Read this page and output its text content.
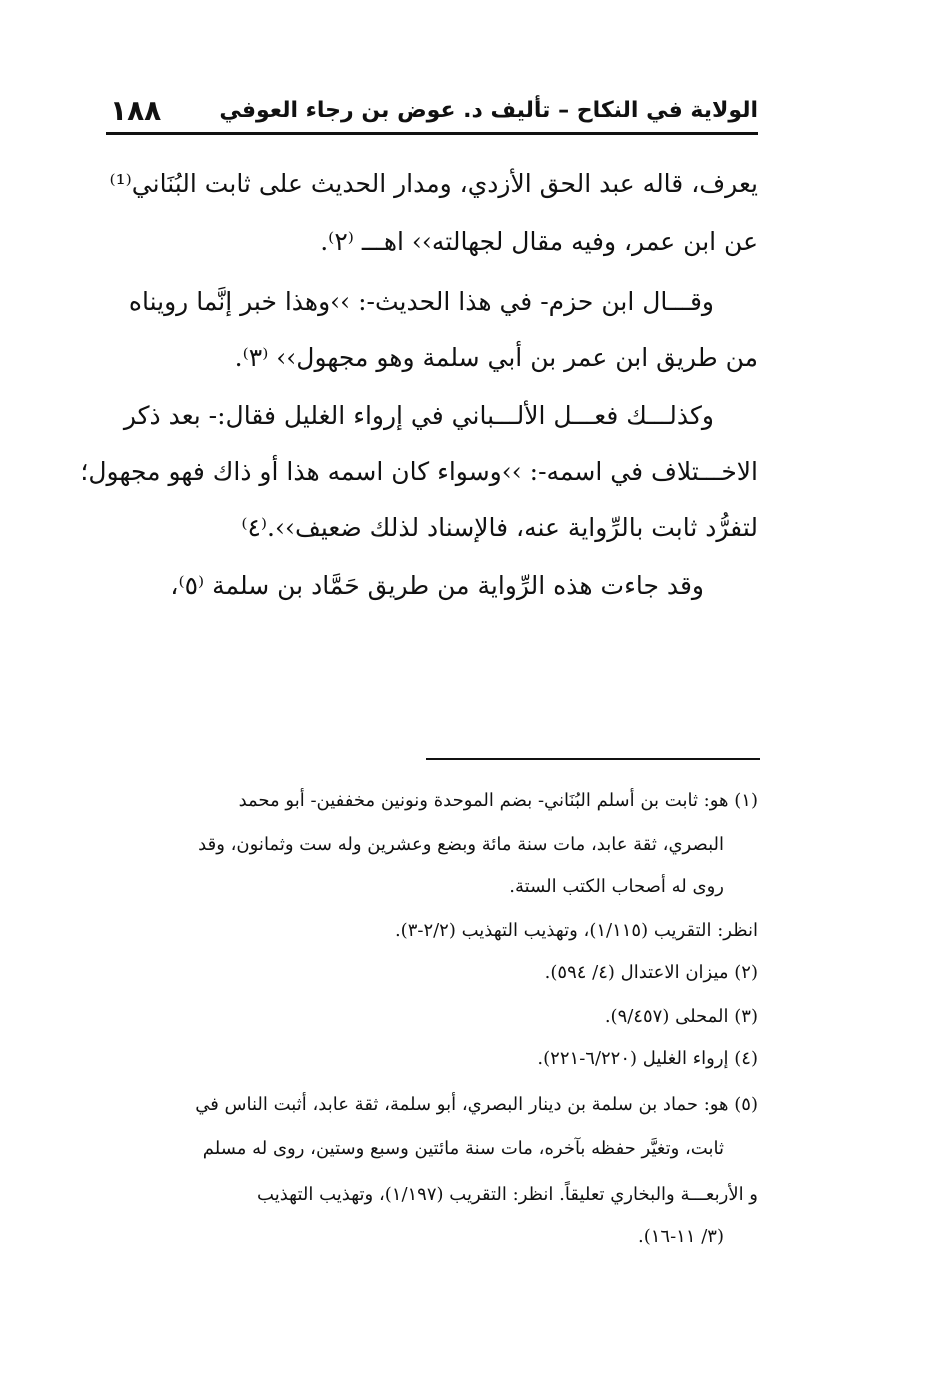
الولاية في النكاح – تأليف د. عوض بن رجاء العوفي
١٨٨
يعرف، قاله عبد الحق الأزدي، ومدار الحديث على ثابت البُنَاني⁽¹⁾
عن ابن عمر، وفيه مقال لجهالته›› اهـــ ⁽٢⁾.
وقـــال ابن حزم- في هذا الحديث-: ››وهذا خبر إنَّما رويناه
من طريق ابن عمر بن أبي سلمة وهو مجهول›› ⁽٣⁾.
وكذلـــك فعـــل الألـــباني في إرواء الغليل فقال:- بعد ذكر
الاخـــتلاف في اسمه-: ››وسواء كان اسمه هذا أو ذاك فهو مجهول؛
لتفرُّد ثابت بالرِّواية عنه، فالإسناد لذلك ضعيف››.⁽٤⁾
وقد جاءت هذه الرِّواية من طريق حَمَّاد بن سلمة ⁽٥⁾،
(١) هو: ثابت بن أسلم البُنَاني- بضم الموحدة ونونين مخففين- أبو محمد
البصري، ثقة عابد، مات سنة مائة وبضع وعشرين وله ست وثمانون، وقد
روى له أصحاب الكتب الستة.
انظر: التقريب (١/١١٥)، وتهذيب التهذيب (٢/٢-٣).
(٢) ميزان الاعتدال (٤/ ٥٩٤).
(٣) المحلى (٩/٤٥٧).
(٤) إرواء الغليل (٦/٢٢٠-٢٢١).
(٥) هو: حماد بن سلمة بن دينار البصري، أبو سلمة، ثقة عابد، أثبت الناس في
ثابت، وتغيَّر حفظه بآخره، مات سنة مائتين وسبع وستين، روى له مسلم
و الأربعـــة والبخاري تعليقاً. انظر: التقريب (١/١٩٧)، وتهذيب التهذيب
(٣/ ١١-١٦).
